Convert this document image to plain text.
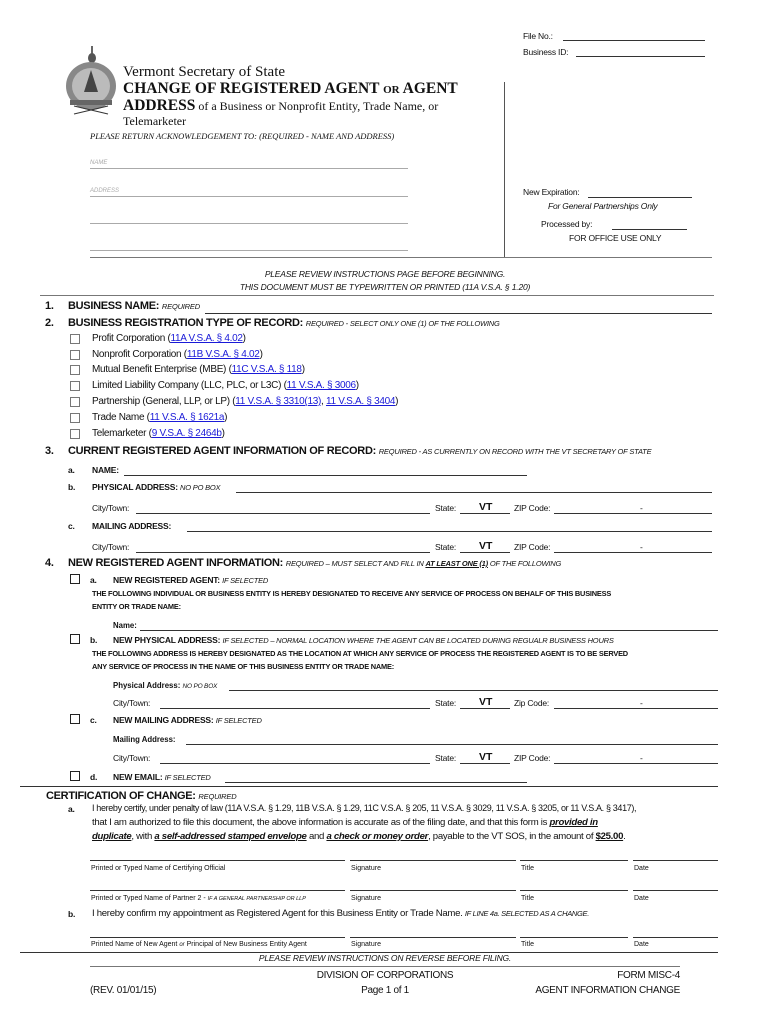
File No.:
Business ID:
New Expiration:
For General Partnerships Only
Processed by:
FOR OFFICE USE ONLY
Vermont Secretary of State
CHANGE OF REGISTERED AGENT OR AGENT
ADDRESS of a Business or Nonprofit Entity, Trade Name, or
Telemarketer
PLEASE RETURN ACKNOWLEDGEMENT TO: (REQUIRED - NAME AND ADDRESS)
NAME
ADDRESS
PLEASE REVIEW INSTRUCTIONS PAGE BEFORE BEGINNING.
THIS DOCUMENT MUST BE TYPEWRITTEN OR PRINTED (11A V.S.A. § 1.20)
1. BUSINESS NAME: REQUIRED
2. BUSINESS REGISTRATION TYPE OF RECORD: REQUIRED - SELECT ONLY ONE (1) OF THE FOLLOWING
Profit Corporation (11A V.S.A. § 4.02)
Nonprofit Corporation (11B V.S.A. § 4.02)
Mutual Benefit Enterprise (MBE) (11C V.S.A. § 118)
Limited Liability Company (LLC, PLC, or L3C) (11 V.S.A. § 3006)
Partnership (General, LLP, or LP) (11 V.S.A. § 3310(13), 11 V.S.A. § 3404)
Trade Name (11 V.S.A. § 1621a)
Telemarketer (9 V.S.A. § 2464b)
3. CURRENT REGISTERED AGENT INFORMATION OF RECORD: REQUIRED - AS CURRENTLY ON RECORD WITH THE VT SECRETARY OF STATE
a. NAME:
b. PHYSICAL ADDRESS: NO PO BOX
City/Town:	State: VT	ZIP Code:	-
c. MAILING ADDRESS:
City/Town:	State: VT	ZIP Code:	-
4. NEW REGISTERED AGENT INFORMATION: REQUIRED – MUST SELECT AND FILL IN AT LEAST ONE (1) OF THE FOLLOWING
a. NEW REGISTERED AGENT: IF SELECTED
THE FOLLOWING INDIVIDUAL OR BUSINESS ENTITY IS HEREBY DESIGNATED TO RECEIVE ANY SERVICE OF PROCESS ON BEHALF OF THIS BUSINESS
ENTITY OR TRADE NAME:
Name:
b. NEW PHYSICAL ADDRESS: IF SELECTED – NORMAL LOCATION WHERE THE AGENT CAN BE LOCATED DURING REGUALR BUSINESS HOURS
THE FOLLOWING ADDRESS IS HEREBY DESIGNATED AS THE LOCATION AT WHICH ANY SERVICE OF PROCESS THE REGISTERED AGENT IS TO BE SERVED
ANY SERVICE OF PROCESS IN THE NAME OF THIS BUSINESS ENTITY OR TRADE NAME:
Physical Address: NO PO BOX
City/Town:	State: VT	Zip Code:	-
c. NEW MAILING ADDRESS: IF SELECTED
Mailing Address:
City/Town:	State: VT	ZIP Code:	-
d. NEW EMAIL: IF SELECTED
CERTIFICATION OF CHANGE: REQUIRED
a. I hereby certify, under penalty of law (11A V.S.A. § 1.29, 11B V.S.A. § 1.29, 11C V.S.A. § 205, 11 V.S.A. § 3029, 11 V.S.A. § 3205, or 11 V.S.A. § 3417),
that I am authorized to file this document, the above information is accurate as of the filing date, and that this form is provided in
duplicate, with a self-addressed stamped envelope and a check or money order, payable to the VT SOS, in the amount of $25.00.
Printed or Typed Name of Certifying Official	Signature	Title	Date
Printed or Typed Name of Partner 2 - IF A GENERAL PARTNERSHIP OR LLP	Signature	Title	Date
b. I hereby confirm my appointment as Registered Agent for this Business Entity or Trade Name. IF LINE 4a. SELECTED AS A CHANGE.
Printed Name of New Agent or Principal of New Business Entity Agent	Signature	Title	Date
PLEASE REVIEW INSTRUCTIONS ON REVERSE BEFORE FILING.
DIVISION OF CORPORATIONS	FORM MISC-4
(REV. 01/01/15)	Page 1 of 1	AGENT INFORMATION CHANGE
